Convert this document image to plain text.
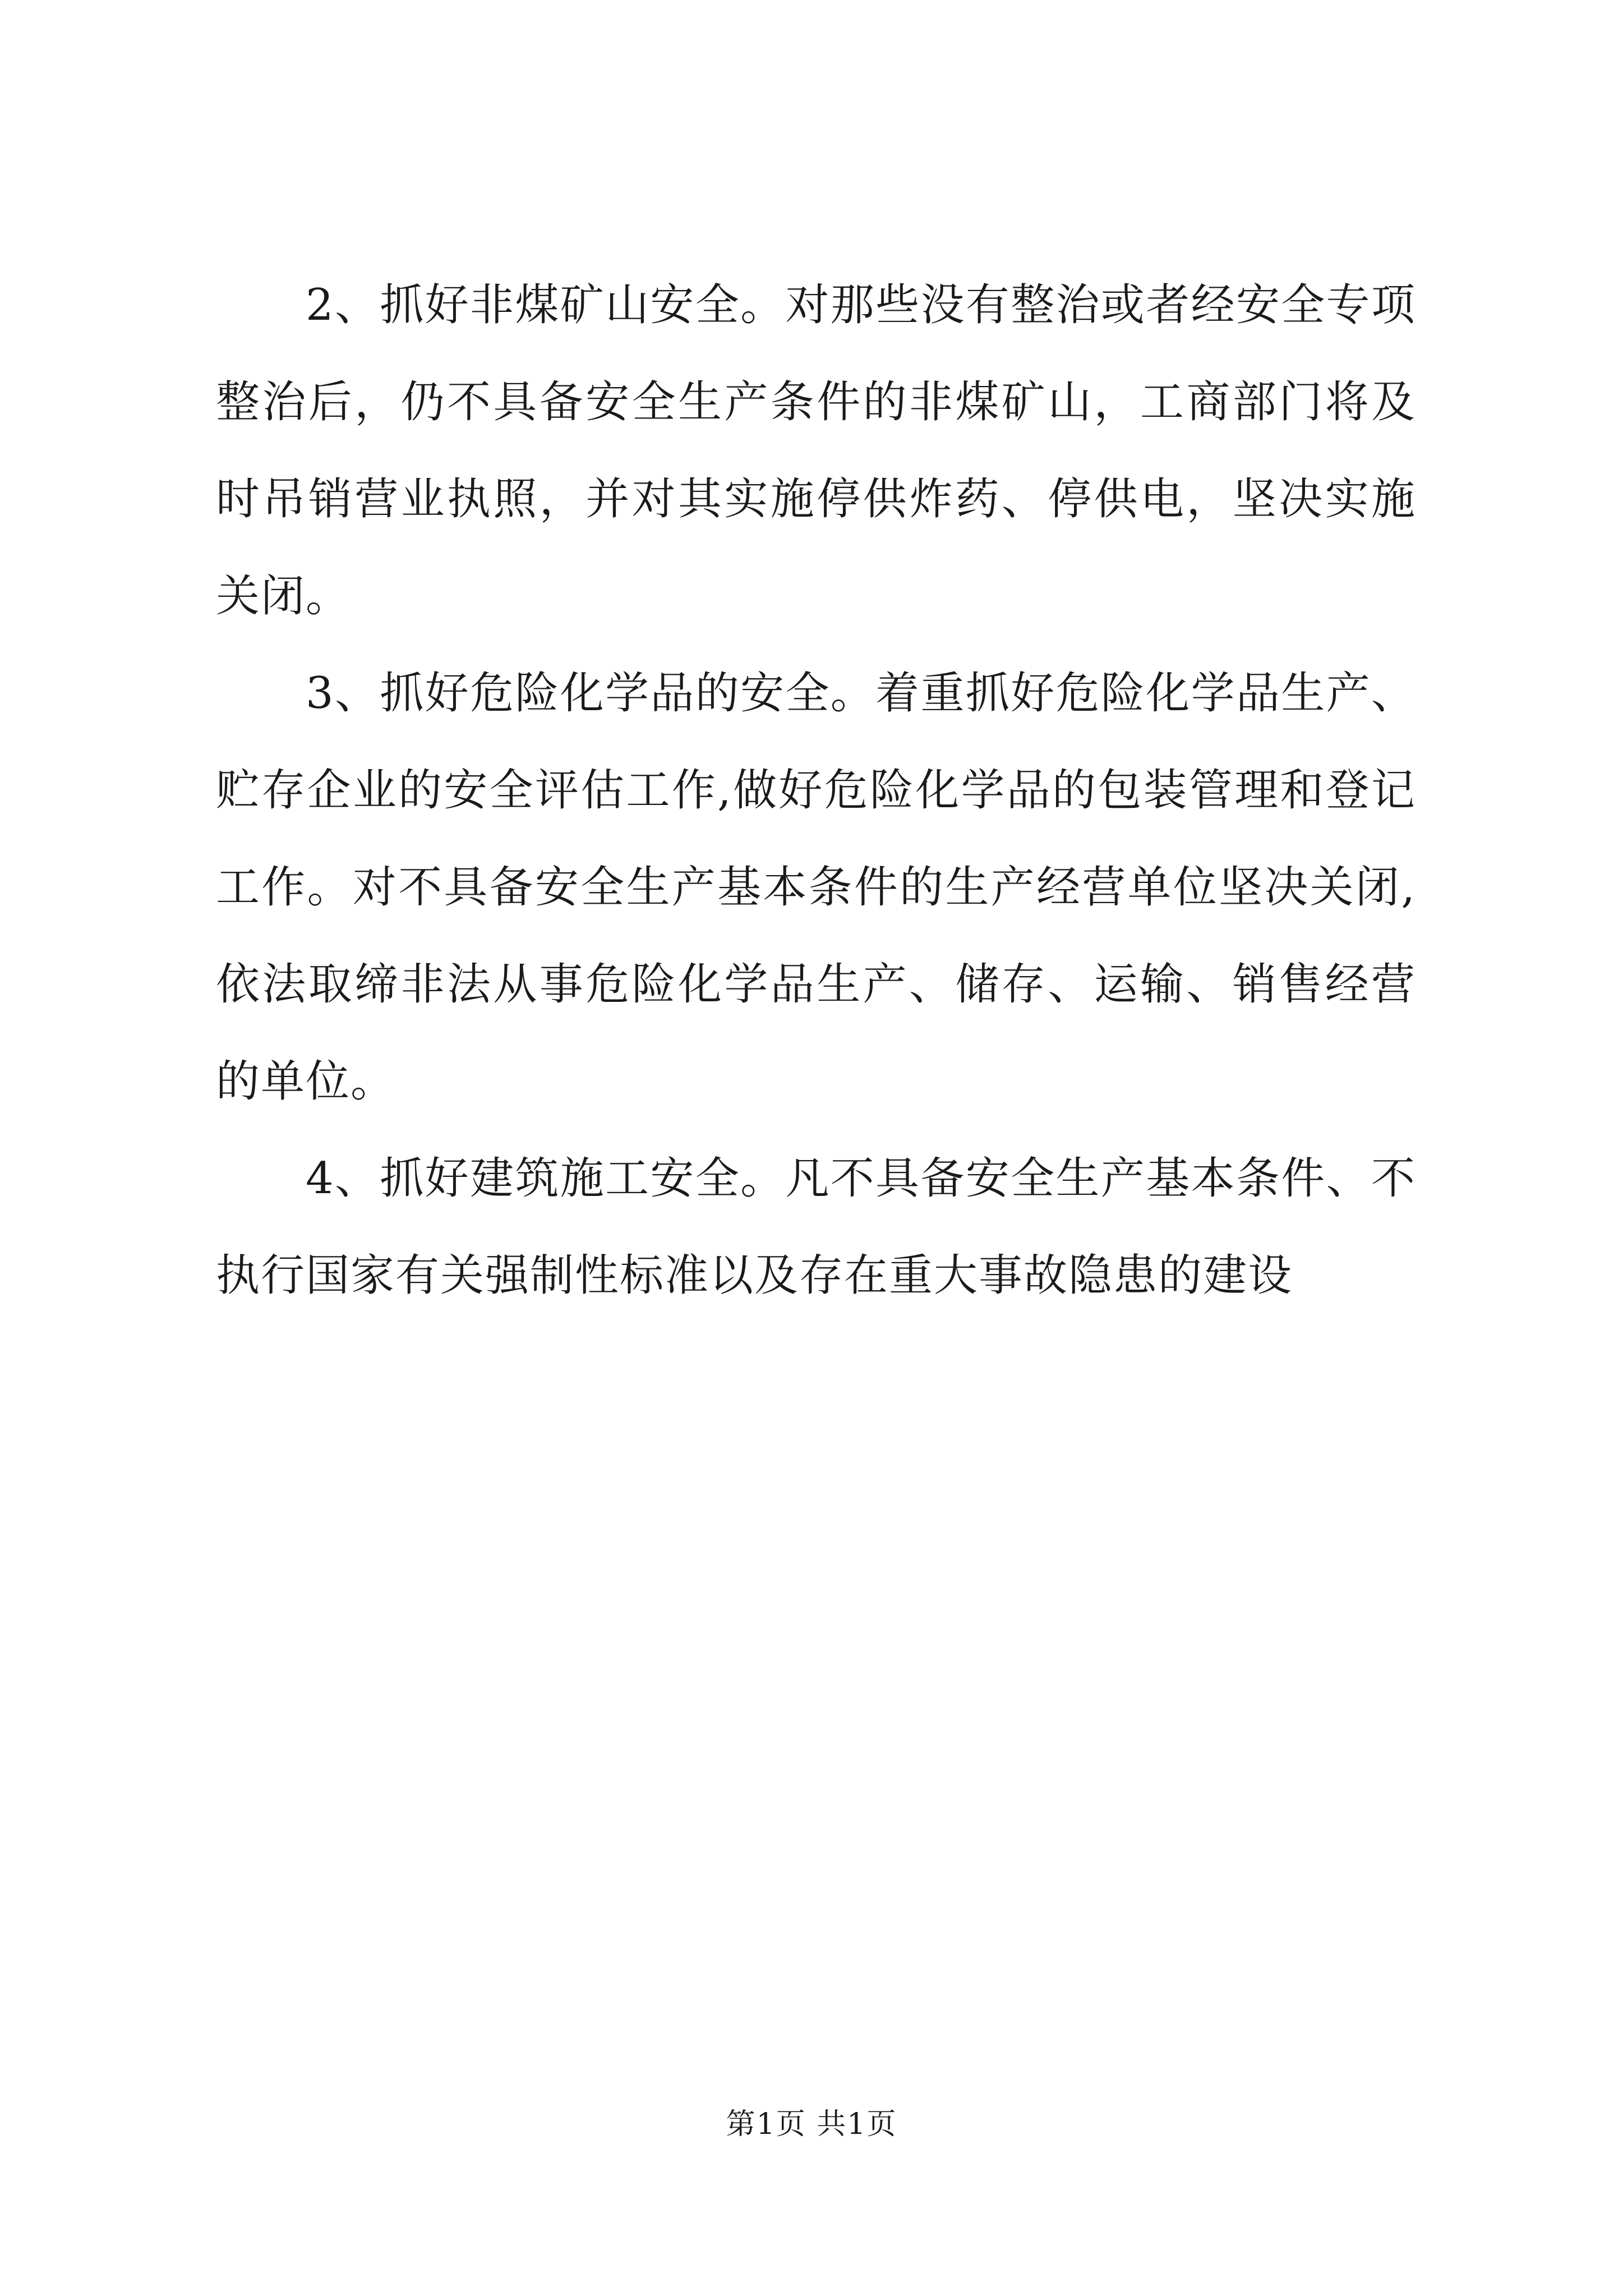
2、抓好非煤矿山安全。对那些没有整治或者经安全专项整治后，仍不具备安全生产条件的非煤矿山，工商部门将及时吊销营业执照，并对其实施停供炸药、停供电，坚决实施关闭。

3、抓好危险化学品的安全。着重抓好危险化学品生产、贮存企业的安全评估工作,做好危险化学品的包装管理和登记工作。对不具备安全生产基本条件的生产经营单位坚决关闭,依法取缔非法从事危险化学品生产、储存、运输、销售经营的单位。

4、抓好建筑施工安全。凡不具备安全生产基本条件、不执行国家有关强制性标准以及存在重大事故隐患的建设

第1页 共1页
